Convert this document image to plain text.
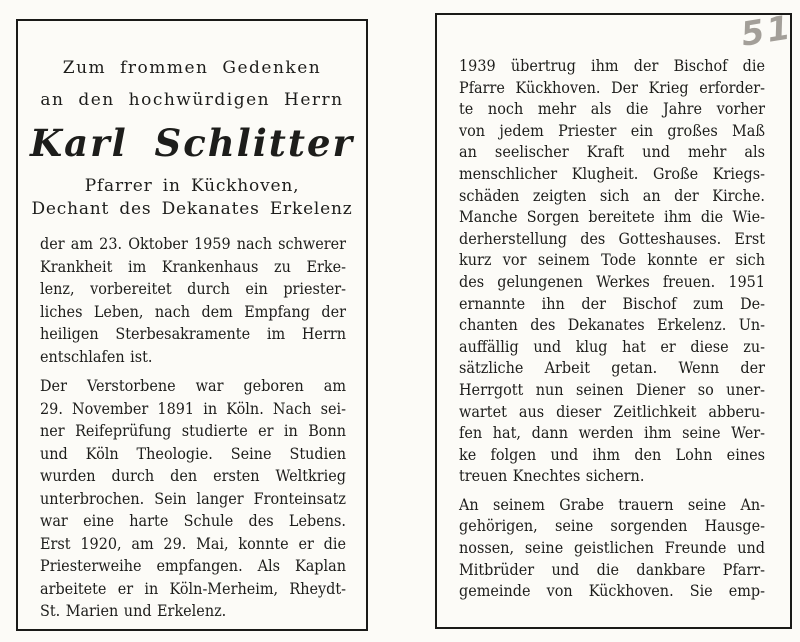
Zum frommen Gedenken
an den hochwürdigen Herrn
Karl Schlitter
Pfarrer in Kückhoven,
Dechant des Dekanates Erkelenz
der am 23. Oktober 1959 nach schwerer
Krankheit im Krankenhaus zu Erke-
lenz, vorbereitet durch ein priester-
liches Leben, nach dem Empfang der
heiligen Sterbesakramente im Herrn
entschlafen ist.
Der Verstorbene war geboren am
29. November 1891 in Köln. Nach sei-
ner Reifeprüfung studierte er in Bonn
und Köln Theologie. Seine Studien
wurden durch den ersten Weltkrieg
unterbrochen. Sein langer Fronteinsatz
war eine harte Schule des Lebens.
Erst 1920, am 29. Mai, konnte er die
Priesterweihe empfangen. Als Kaplan
arbeitete er in Köln-Merheim, Rheydt-
St. Marien und Erkelenz.
51
1939 übertrug ihm der Bischof die
Pfarre Kückhoven. Der Krieg erforder-
te noch mehr als die Jahre vorher
von jedem Priester ein großes Maß
an seelischer Kraft und mehr als
menschlicher Klugheit. Große Kriegs-
schäden zeigten sich an der Kirche.
Manche Sorgen bereitete ihm die Wie-
derherstellung des Gotteshauses. Erst
kurz vor seinem Tode konnte er sich
des gelungenen Werkes freuen. 1951
ernannte ihn der Bischof zum De-
chanten des Dekanates Erkelenz. Un-
auffällig und klug hat er diese zu-
sätzliche Arbeit getan. Wenn der
Herrgott nun seinen Diener so uner-
wartet aus dieser Zeitlichkeit abberu-
fen hat, dann werden ihm seine Wer-
ke folgen und ihm den Lohn eines
treuen Knechtes sichern.
An seinem Grabe trauern seine An-
gehörigen, seine sorgenden Hausge-
nossen, seine geistlichen Freunde und
Mitbrüder und die dankbare Pfarr-
gemeinde von Kückhoven. Sie emp-
